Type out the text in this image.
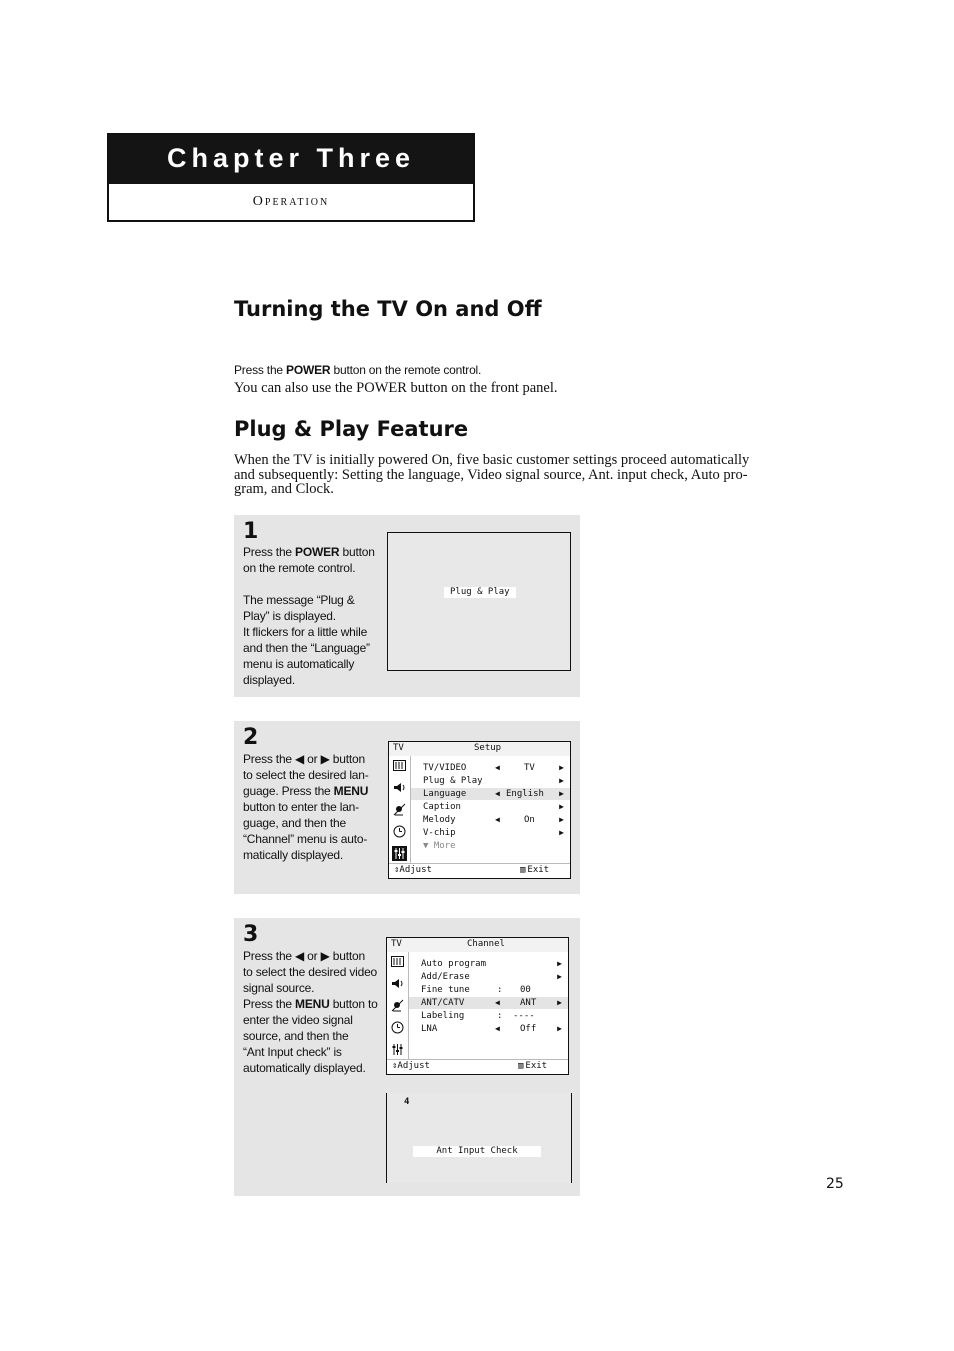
Chapter Three
Operation
Turning the TV On and Off
Press the POWER button on the remote control.
You can also use the POWER button on the front panel.
Plug & Play Feature
When the TV is initially powered On, five basic customer settings proceed automatically
and subsequently: Setting the language, Video signal source, Ant. input check, Auto pro-
gram, and Clock.
1

Press the POWER button

on the remote control.

The message “Plug &

Play” is displayed.

It flickers for a little while

and then the “Language”

menu is automatically

displayed.

Plug & Play
2

Press the ◀ or ▶ button

to select the desired lan-

guage. Press the MENU

button to enter the lan-

guage, and then the

“Channel” menu is auto-

matically displayed.

TV	Setup
TV/VIDEO	◀	TV	▶
Plug & Play	▶
Language	◀ English ▶
Caption	▶
Melody	◀	On	▶
V-chip	▶
▼ More
⇕Adjust	▥ Exit
3

Press the ◀ or ▶ button

to select the desired video

signal source.

Press the MENU button to

enter the video signal

source, and then the

“Ant Input check” is

automatically displayed.

TV	Channel
Auto program	▶
Add/Erase	▶
Fine tune	: 00
ANT/CATV	◀ ANT	▶
Labeling	: ----
LNA	◀ Off	▶
⇕Adjust	▥ Exit
4
Ant Input Check
25
